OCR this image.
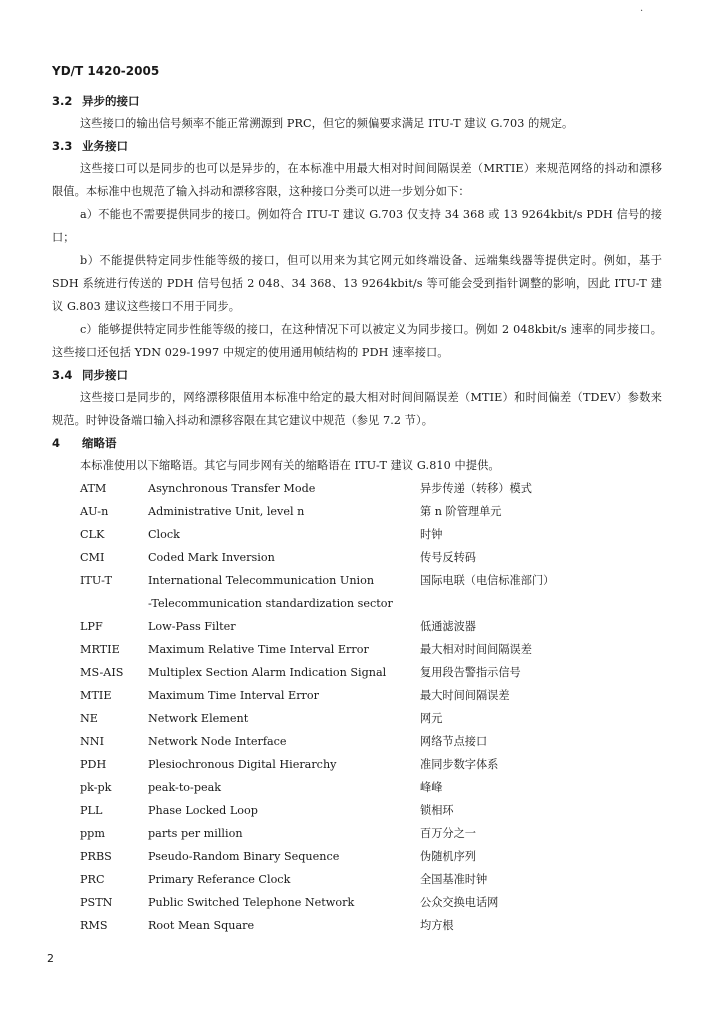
·
YD/T 1420-2005
3.2 异步的接口

这些接口的输出信号频率不能正常溯源到 PRC，但它的频偏要求满足 ITU-T 建议 G.703 的规定。

3.3 业务接口

这些接口可以是同步的也可以是异步的，在本标准中用最大相对时间间隔误差（MRTIE）来规范网络的抖动和漂移限值。本标准中也规范了输入抖动和漂移容限，这种接口分类可以进一步划分如下：

a）不能也不需要提供同步的接口。例如符合 ITU-T 建议 G.703 仅支持 34 368 或 13 9264kbit/s PDH 信号的接口；

b）不能提供特定同步性能等级的接口，但可以用来为其它网元如终端设备、远端集线器等提供定时。例如，基于 SDH 系统进行传送的 PDH 信号包括 2 048、34 368、13 9264kbit/s 等可能会受到指针调整的影响，因此 ITU-T 建议 G.803 建议这些接口不用于同步。

c）能够提供特定同步性能等级的接口，在这种情况下可以被定义为同步接口。例如 2 048kbit/s 速率的同步接口。这些接口还包括 YDN 029-1997 中规定的使用通用帧结构的 PDH 速率接口。

3.4 同步接口

这些接口是同步的，网络漂移限值用本标准中给定的最大相对时间间隔误差（MTIE）和时间偏差（TDEV）参数来规范。时钟设备端口输入抖动和漂移容限在其它建议中规范（参见 7.2 节）。

4 缩略语

本标准使用以下缩略语。其它与同步网有关的缩略语在 ITU-T 建议 G.810 中提供。

ATM	Asynchronous Transfer Mode	异步传递（转移）模式
AU-n	Administrative Unit, level n	第 n 阶管理单元
CLK	Clock	时钟
CMI	Coded Mark Inversion	传号反转码
ITU-T	International Telecommunication Union	国际电联（电信标准部门）
-Telecommunication standardization sector
LPF	Low-Pass Filter	低通滤波器
MRTIE	Maximum Relative Time Interval Error	最大相对时间间隔误差
MS-AIS Multiplex Section Alarm Indication Signal	复用段告警指示信号
MTIE	Maximum Time Interval Error	最大时间间隔误差
NE	Network Element	网元
NNI	Network Node Interface	网络节点接口
PDH	Plesiochronous Digital Hierarchy	准同步数字体系
pk-pk	peak-to-peak	峰峰
PLL	Phase Locked Loop	锁相环
ppm	parts per million	百万分之一
PRBS	Pseudo-Random Binary Sequence	伪随机序列
PRC	Primary Referance Clock	全国基准时钟
PSTN	Public Switched Telephone Network	公众交换电话网
RMS	Root Mean Square	均方根
2
